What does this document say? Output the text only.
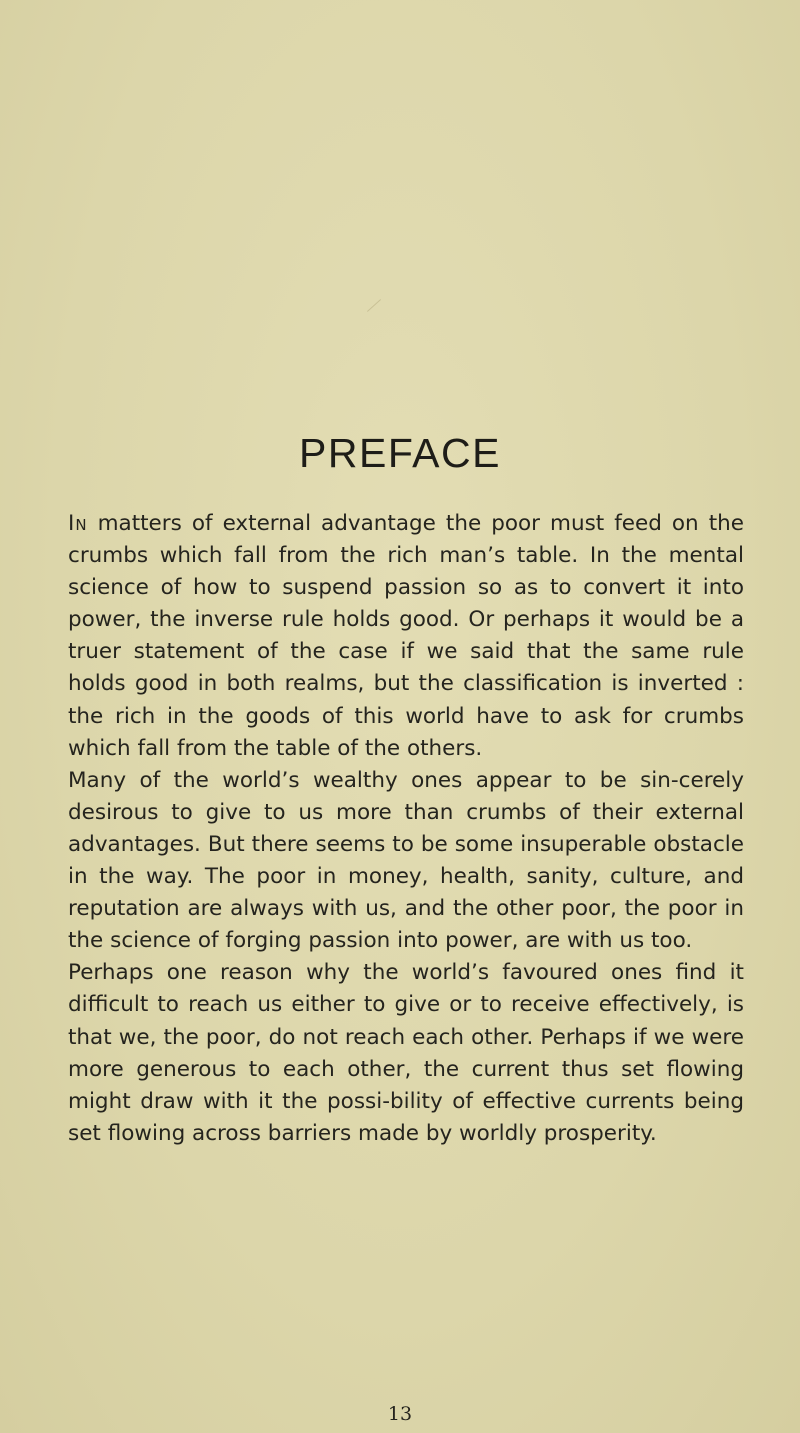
PREFACE

In matters of external advantage the poor must feed on the crumbs which fall from the rich man’s table. In the mental science of how to suspend passion so as to convert it into power, the inverse rule holds good. Or perhaps it would be a truer statement of the case if we said that the same rule holds good in both realms, but the classification is inverted : the rich in the goods of this world have to ask for crumbs which fall from the table of the others.

Many of the world’s wealthy ones appear to be sin-cerely desirous to give to us more than crumbs of their external advantages. But there seems to be some insuperable obstacle in the way. The poor in money, health, sanity, culture, and reputation are always with us, and the other poor, the poor in the science of forging passion into power, are with us too.

Perhaps one reason why the world’s favoured ones find it difficult to reach us either to give or to receive effectively, is that we, the poor, do not reach each other. Perhaps if we were more generous to each other, the current thus set flowing might draw with it the possi-bility of effective currents being set flowing across barriers made by worldly prosperity.

13
